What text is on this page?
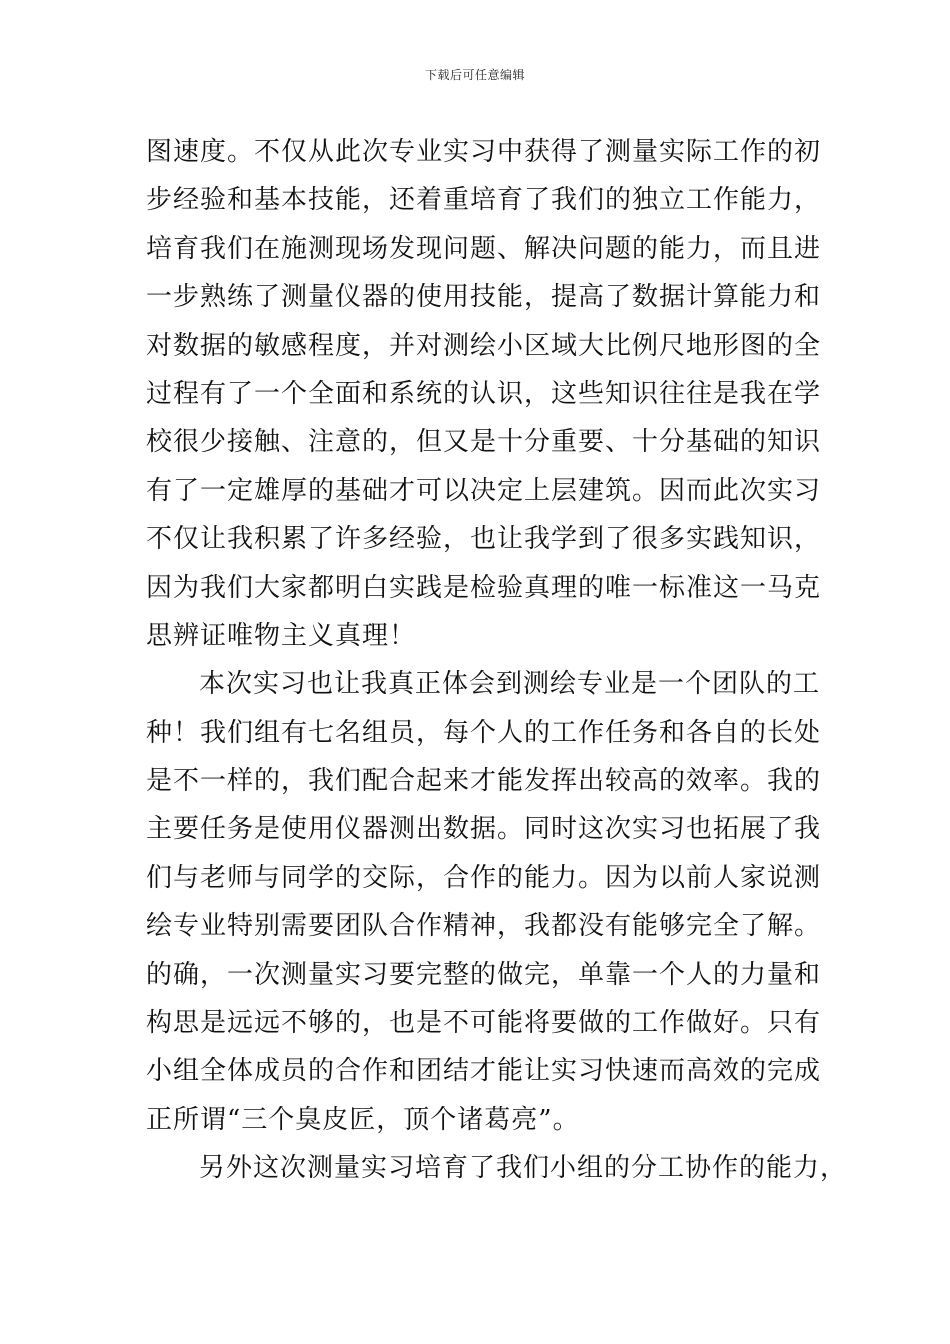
下载后可任意编辑
图速度。不仅从此次专业实习中获得了测量实际工作的初
步经验和基本技能，还着重培育了我们的独立工作能力，
培育我们在施测现场发现问题、解决问题的能力，而且进
一步熟练了测量仪器的使用技能，提高了数据计算能力和
对数据的敏感程度，并对测绘小区域大比例尺地形图的全
过程有了一个全面和系统的认识，这些知识往往是我在学
校很少接触、注意的，但又是十分重要、十分基础的知识
有了一定雄厚的基础才可以决定上层建筑。因而此次实习
不仅让我积累了许多经验，也让我学到了很多实践知识，
因为我们大家都明白实践是检验真理的唯一标准这一马克
思辨证唯物主义真理！
本次实习也让我真正体会到测绘专业是一个团队的工
种！我们组有七名组员，每个人的工作任务和各自的长处
是不一样的，我们配合起来才能发挥出较高的效率。我的
主要任务是使用仪器测出数据。同时这次实习也拓展了我
们与老师与同学的交际，合作的能力。因为以前人家说测
绘专业特别需要团队合作精神，我都没有能够完全了解。
的确，一次测量实习要完整的做完，单靠一个人的力量和
构思是远远不够的，也是不可能将要做的工作做好。只有
小组全体成员的合作和团结才能让实习快速而高效的完成
正所谓“三个臭皮匠，顶个诸葛亮”。
另外这次测量实习培育了我们小组的分工协作的能力，
